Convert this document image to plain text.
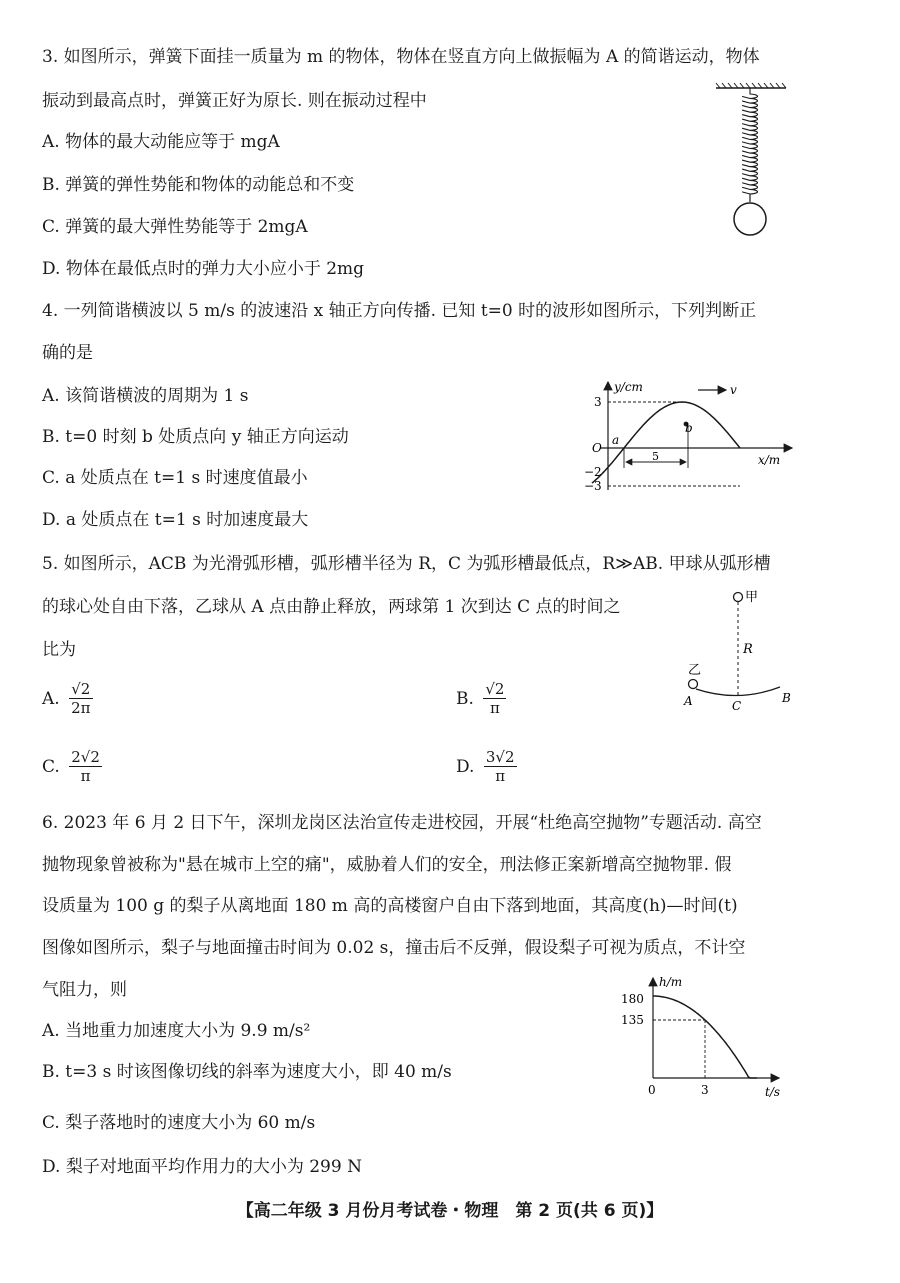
3. 如图所示，弹簧下面挂一质量为 m 的物体，物体在竖直方向上做振幅为 A 的简谐运动，物体
振动到最高点时，弹簧正好为原长. 则在振动过程中
A. 物体的最大动能应等于 mgA
B. 弹簧的弹性势能和物体的动能总和不变
C. 弹簧的最大弹性势能等于 2mgA
D. 物体在最低点时的弹力大小应小于 2mg
4. 一列简谐横波以 5 m/s 的波速沿 x 轴正方向传播. 已知 t=0 时的波形如图所示，下列判断正
确的是
A. 该简谐横波的周期为 1 s
B. t=0 时刻 b 处质点向 y 轴正方向运动
C. a 处质点在 t=1 s 时速度值最小
D. a 处质点在 t=1 s 时加速度最大
y/cm
x/m
v
O
3
−2
−3
5
a
b
5. 如图所示，ACB 为光滑弧形槽，弧形槽半径为 R，C 为弧形槽最低点，R≫AB. 甲球从弧形槽
的球心处自由下落，乙球从 A 点由静止释放，两球第 1 次到达 C 点的时间之
比为
A. $\frac{√2}{2\pi}$	B. $\frac{√2}{\pi}$
C. $\frac{2√2}{\pi}$	D. $\frac{3√2}{\pi}$
甲
R
乙
A	C
B
6. 2023 年 6 月 2 日下午，深圳龙岗区法治宣传走进校园，开展“杜绝高空抛物”专题活动. 高空
抛物现象曾被称为"悬在城市上空的痛"，威胁着人们的安全，刑法修正案新增高空抛物罪. 假
设质量为 100 g 的梨子从离地面 180 m 高的高楼窗户自由下落到地面，其高度(h)—时间(t)
图像如图所示，梨子与地面撞击时间为 0.02 s，撞击后不反弹，假设梨子可视为质点，不计空
气阻力，则
A. 当地重力加速度大小为 9.9 m/s²
B. t=3 s 时该图像切线的斜率为速度大小，即 40 m/s
C. 梨子落地时的速度大小为 60 m/s
D. 梨子对地面平均作用力的大小为 299 N
h/m
t/s
180
135
0	3
【高二年级 3 月份月考试卷・物理　第 2 页(共 6 页)】
